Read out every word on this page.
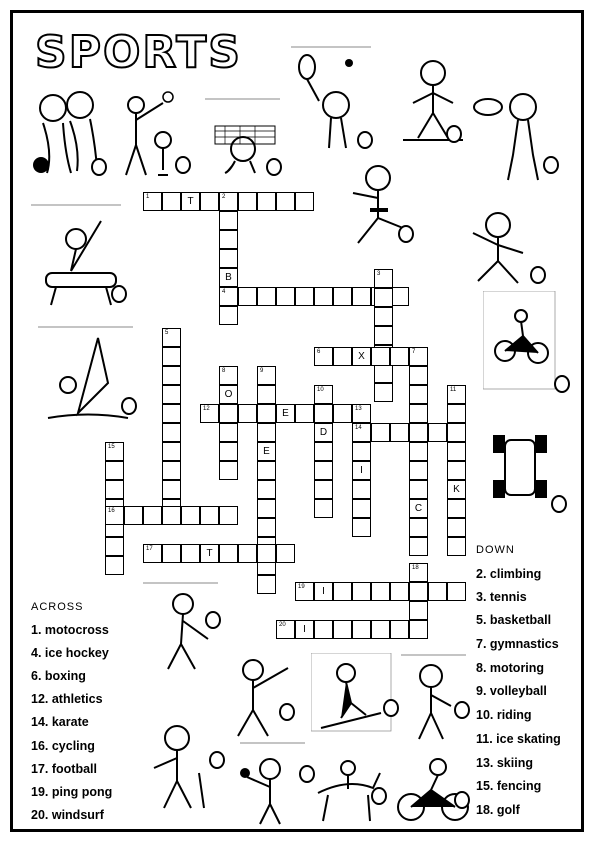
SPORTS
1	T	2
B
4
3
5
6	X	7
C
8
O
9
E
10
D
11
K
12	E	13
14
I
15
16
17	T
18
19	I
20	I
ACROSS
1. motocross
4. ice hockey
6. boxing
12. athletics
14. karate
16. cycling
17. football
19. ping pong
20. windsurf
DOWN
2. climbing
3. tennis
5. basketball
7. gymnastics
8. motoring
9. volleyball
10. riding
11. ice skating
13. skiing
15. fencing
18. golf
